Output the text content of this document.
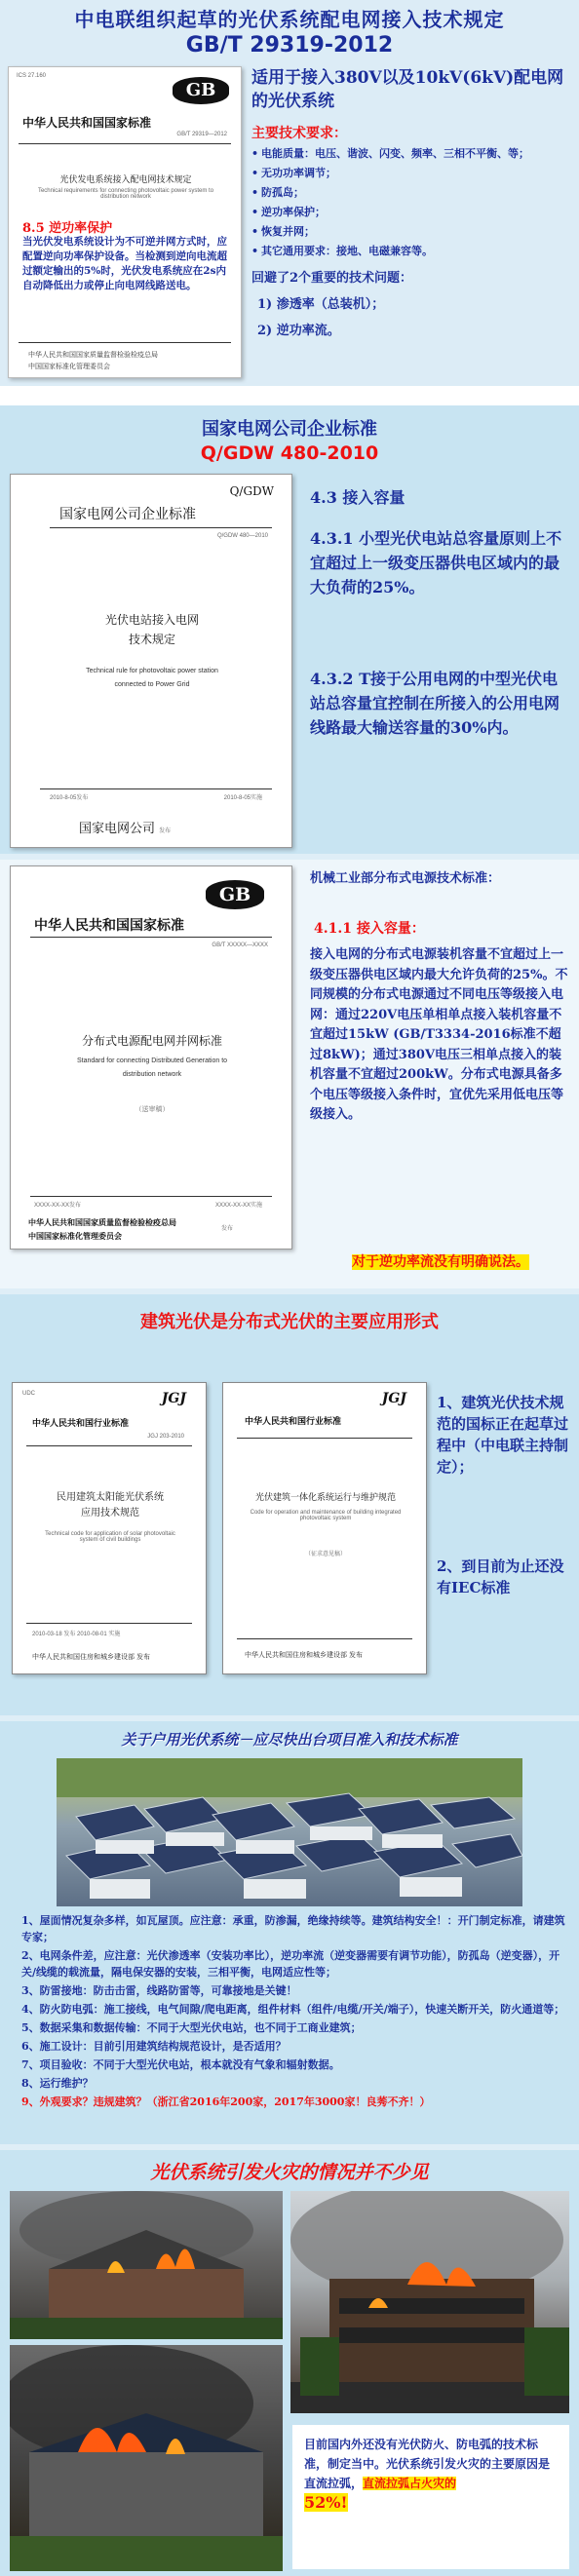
中电联组织起草的光伏系统配电网接入技术规定
GB/T 29319-2012
ICS 27.160
GB
中华人民共和国国家标准
GB/T 29319—2012
光伏发电系统接入配电网技术规定
Technical requirements for connecting photovoltaic power system to distribution network
8.5 逆功率保护
当光伏发电系统设计为不可逆并网方式时，应配置逆向功率保护设备。当检测到逆向电流超过额定输出的5%时，光伏发电系统应在2s内自动降低出力或停止向电网线路送电。
中华人民共和国国家质量监督检验检疫总局
中国国家标准化管理委员会
适用于接入380V以及10kV(6kV)配电网的光伏系统
主要技术要求：
• 电能质量：电压、谐波、闪变、频率、三相不平衡、等；
• 无功功率调节；
• 防孤岛；
• 逆功率保护；
• 恢复并网；
• 其它通用要求：接地、电磁兼容等。
回避了2个重要的技术问题：
1) 渗透率（总装机）；
2) 逆功率流。
国家电网公司企业标准
Q/GDW 480-2010
Q/GDW
国家电网公司企业标准
Q/GDW 480—2010
光伏电站接入电网
技术规定
Technical rule for photovoltaic power station
connected to Power Grid
2010-8-05发布	2010-8-05实施
国家电网公司 发布
4.3 接入容量
4.3.1 小型光伏电站总容量原则上不宜超过上一级变压器供电区域内的最大负荷的25%。
4.3.2 T接于公用电网的中型光伏电站总容量宜控制在所接入的公用电网线路最大输送容量的30%内。
GB
中华人民共和国国家标准
GB/T XXXXX—XXXX
分布式电源配电网并网标准
Standard for connecting Distributed Generation to
distribution network
（送审稿）
XXXX-XX-XX发布	XXXX-XX-XX实施
中华人民共和国国家质量监督检验检疫总局
中国国家标准化管理委员会
发布
机械工业部分布式电源技术标准：
4.1.1 接入容量：
接入电网的分布式电源装机容量不宜超过上一级变压器供电区域内最大允许负荷的25%。不同规模的分布式电源通过不同电压等级接入电网：通过220V电压单相单点接入装机容量不宜超过15kW (GB/T3334-2016标准不超过8kW)；通过380V电压三相单点接入的装机容量不宜超过200kW。分布式电源具备多个电压等级接入条件时，宜优先采用低电压等级接入。
对于逆功率流没有明确说法。
建筑光伏是分布式光伏的主要应用形式
UDC	JGJ
中华人民共和国行业标准
JGJ 203-2010
民用建筑太阳能光伏系统
应用技术规范
Technical code for application of solar photovoltaic system of civil buildings
2010-03-18 发布 2010-08-01 实施
中华人民共和国住房和城乡建设部 发布
JGJ
中华人民共和国行业标准
光伏建筑一体化系统运行与维护规范
Code for operation and maintenance of building integrated photovoltaic system
（征求意见稿）
中华人民共和国住房和城乡建设部 发布
1、建筑光伏技术规范的国标正在起草过程中（中电联主持制定）；
2、到目前为止还没有IEC标准
关于户用光伏系统－应尽快出台项目准入和技术标准
1、屋面情况复杂多样，如瓦屋顶。应注意：承重，防渗漏，绝缘持续等。建筑结构安全！：开门制定标准，请建筑专家；
2、电网条件差，应注意：光伏渗透率（安装功率比），逆功率流（逆变器需要有调节功能），防孤岛（逆变器），开关/线缆的载流量，隔电保安器的安装，三相平衡，电网适应性等；
3、防雷接地：防击击雷，线路防雷等，可靠接地是关键！
4、防火防电弧：施工接线，电气间隙/爬电距离，组件材料（组件/电缆/开关/端子），快速关断开关，防火通道等；
5、数据采集和数据传输：不同于大型光伏电站，也不同于工商业建筑；
6、施工设计：目前引用建筑结构规范设计，是否适用？
7、项目验收：不同于大型光伏电站，根本就没有气象和辐射数据。
8、运行维护？
9、外观要求？违规建筑？（浙江省2016年200家，2017年3000家！良莠不齐！）
光伏系统引发火灾的情况并不少见
目前国内外还没有光伏防火、防电弧的技术标准，制定当中。光伏系统引发火灾的主要原因是直流拉弧，直流拉弧占火灾的
52%!
